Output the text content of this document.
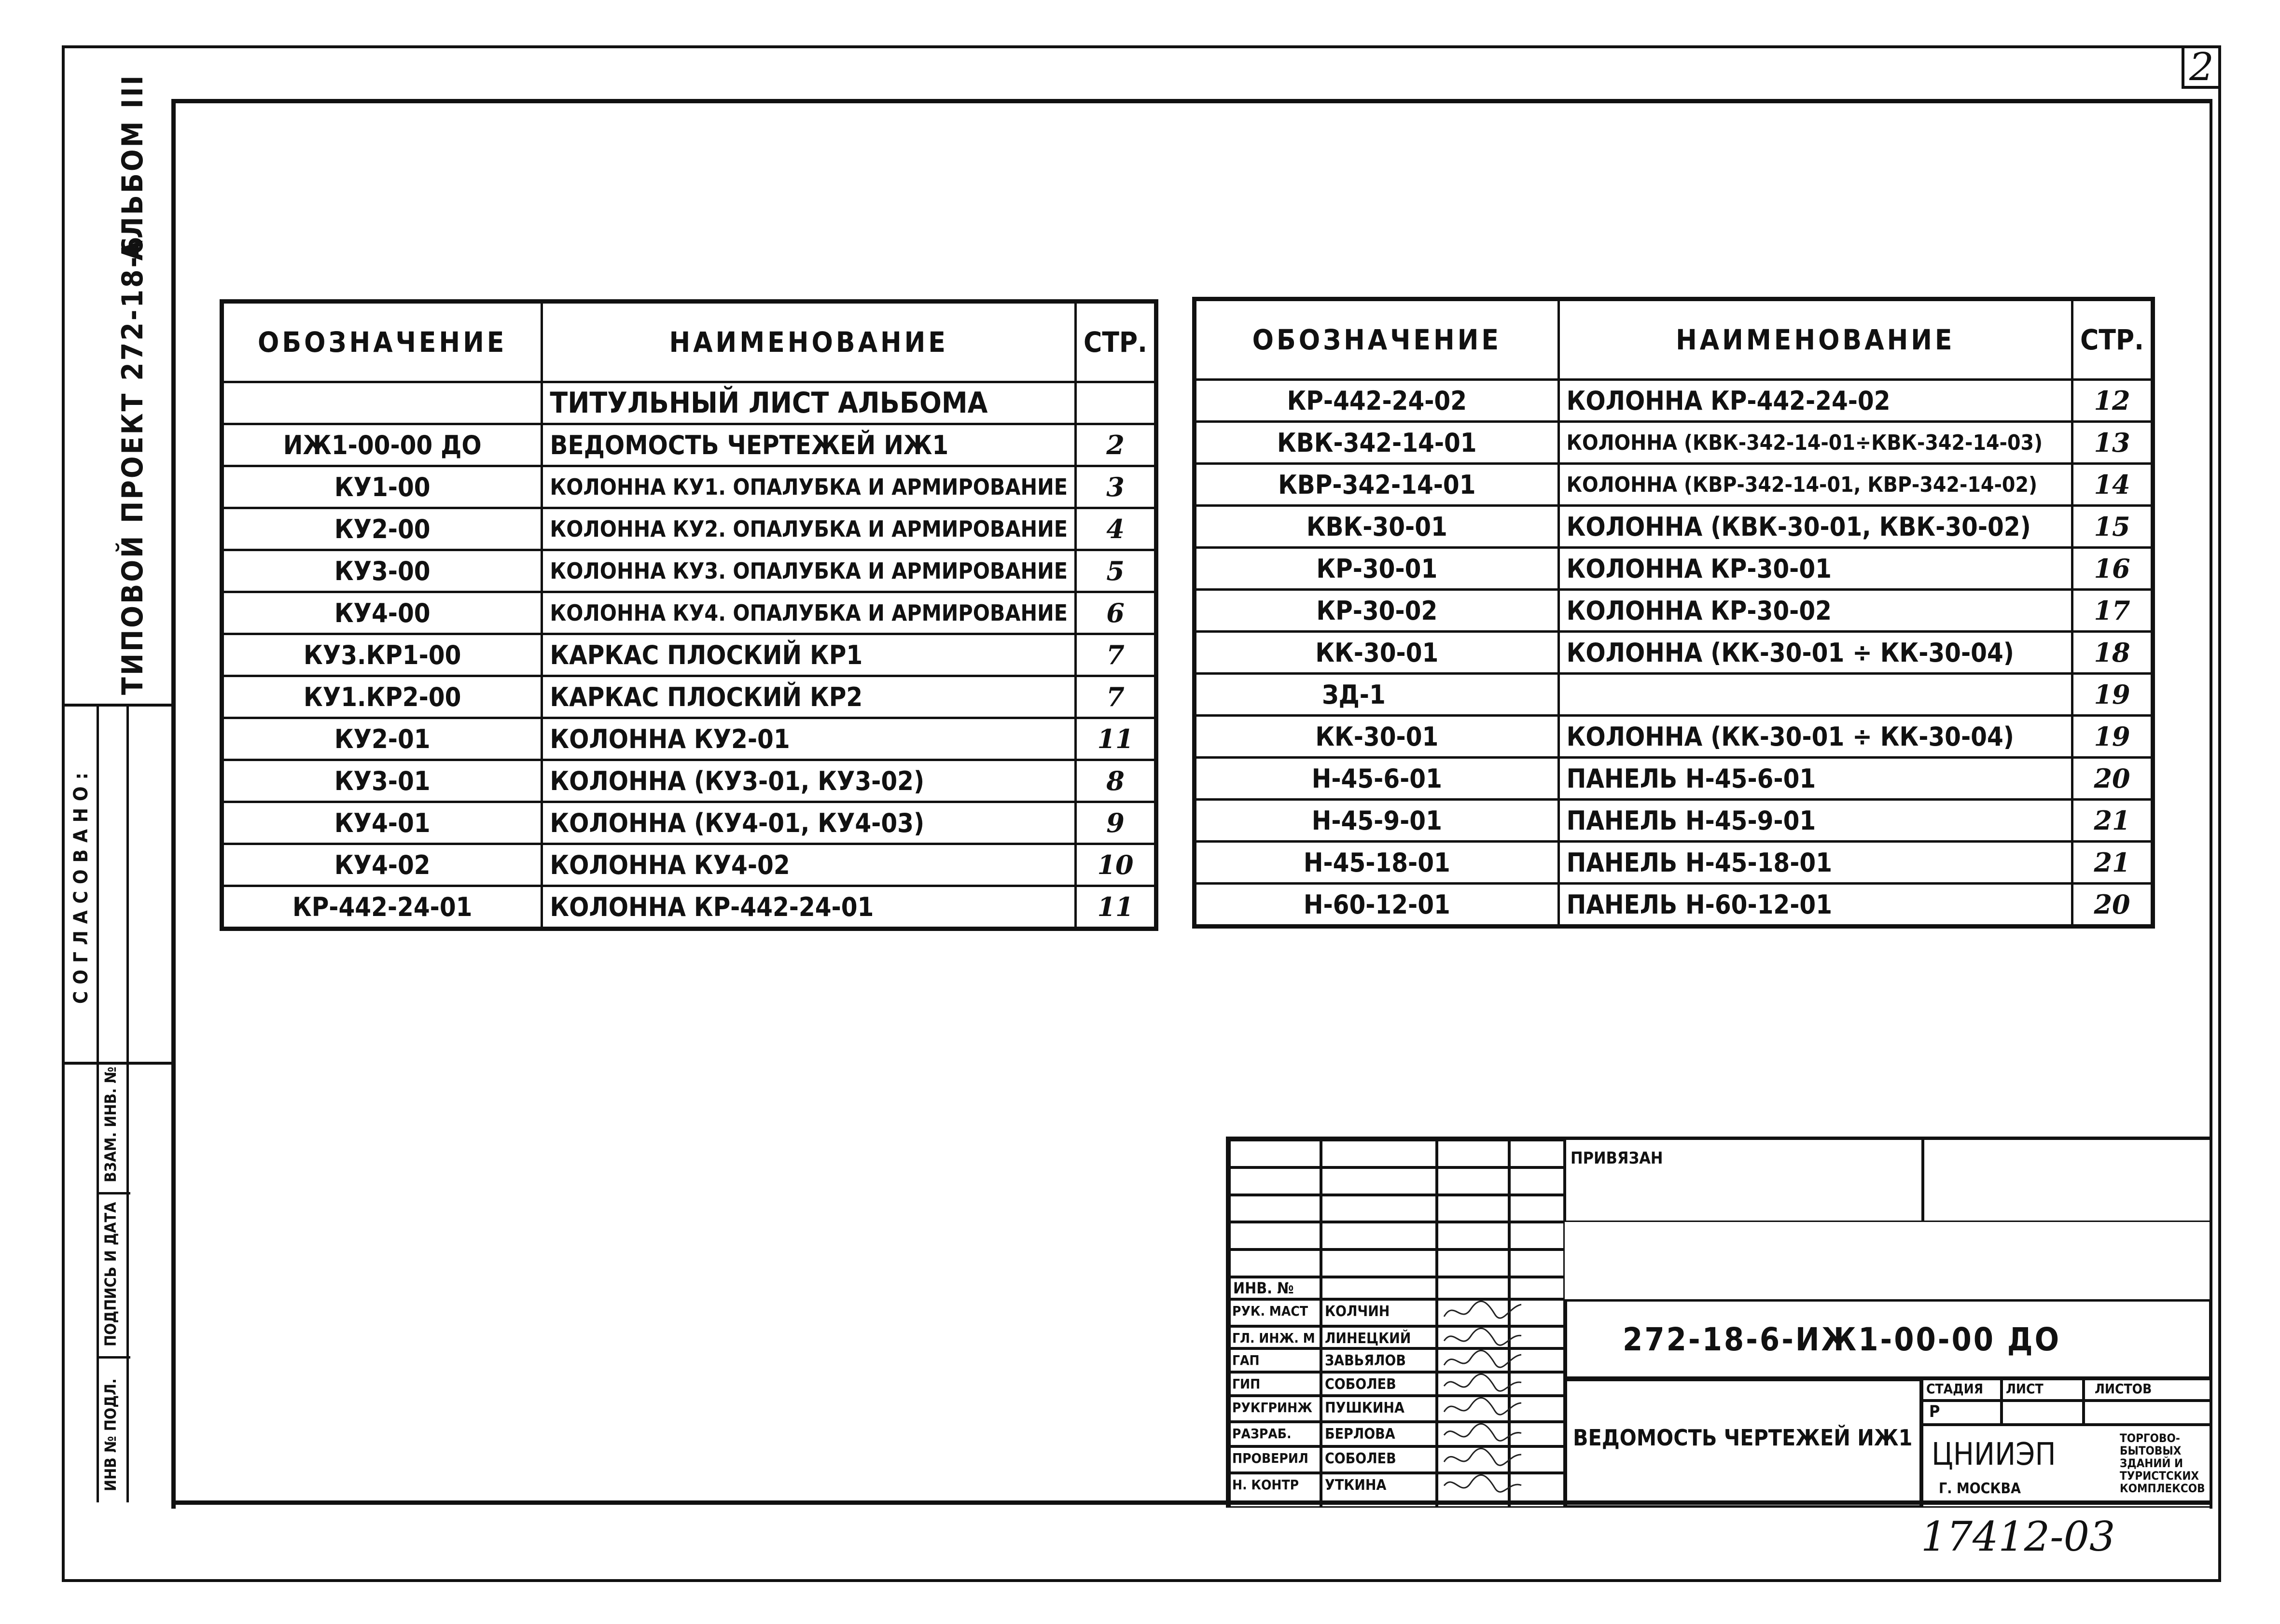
2
ТИПОВОЙ ПРОЕКТ 272-18-6
АЛЬБОМ III
СОГЛАСОВАНО:
ИНВ № ПОДЛ.
ПОДПИСЬ И ДАТА
ВЗАМ. ИНВ. №
ОБОЗНАЧЕНИЕ	НАИМЕНОВАНИЕ	СТР.
	ТИТУЛЬНЫЙ ЛИСТ АЛЬБОМА	
ИЖ1-00-00 ДО	ВЕДОМОСТЬ ЧЕРТЕЖЕЙ ИЖ1	2
КУ1-00	КОЛОННА КУ1. ОПАЛУБКА И АРМИРОВАНИЕ	3
КУ2-00	КОЛОННА КУ2. ОПАЛУБКА И АРМИРОВАНИЕ	4
КУ3-00	КОЛОННА КУ3. ОПАЛУБКА И АРМИРОВАНИЕ	5
КУ4-00	КОЛОННА КУ4. ОПАЛУБКА И АРМИРОВАНИЕ	6
КУ3.КР1-00	КАРКАС ПЛОСКИЙ КР1	7
КУ1.КР2-00	КАРКАС ПЛОСКИЙ КР2	7
КУ2-01	КОЛОННА КУ2-01	11
КУ3-01	КОЛОННА (КУ3-01, КУ3-02)	8
КУ4-01	КОЛОННА (КУ4-01, КУ4-03)	9
КУ4-02	КОЛОННА КУ4-02	10
КР-442-24-01	КОЛОННА КР-442-24-01	11
ОБОЗНАЧЕНИЕ	НАИМЕНОВАНИЕ	СТР.
КР-442-24-02	КОЛОННА КР-442-24-02	12
КВК-342-14-01	КОЛОННА (КВК-342-14-01÷КВК-342-14-03)	13
КВР-342-14-01	КОЛОННА (КВР-342-14-01, КВР-342-14-02)	14
КВК-30-01	КОЛОННА (КВК-30-01, КВК-30-02)	15
КР-30-01	КОЛОННА КР-30-01	16
КР-30-02	КОЛОННА КР-30-02	17
КК-30-01	КОЛОННА (КК-30-01 ÷ КК-30-04)	18
ЗД-1		19
КК-30-01	КОЛОННА (КК-30-01 ÷ КК-30-04)	19
Н-45-6-01	ПАНЕЛЬ Н-45-6-01	20
Н-45-9-01	ПАНЕЛЬ Н-45-9-01	21
Н-45-18-01	ПАНЕЛЬ Н-45-18-01	21
Н-60-12-01	ПАНЕЛЬ Н-60-12-01	20
ИНВ. №
РУК. МАСТ КОЛЧИН
ГЛ. ИНЖ. М ЛИНЕЦКИЙ
ГАП	ЗАВЬЯЛОВ
ГИП	СОБОЛЕВ
РУКГРИНЖ ПУШКИНА
РАЗРАБ. БЕРЛОВА
ПРОВЕРИЛ СОБОЛЕВ
Н. КОНТР УТКИНА
ПРИВЯЗАН
272-18-6-ИЖ1-00-00 ДО
ВЕДОМОСТЬ ЧЕРТЕЖЕЙ ИЖ1
СТАДИЯ	ЛИСТ	ЛИСТОВ
Р
ЦНИИЭП
Г. МОСКВА
ТОРГОВО-БЫТОВЫХ ЗДАНИЙ И ТУРИСТСКИХ КОМПЛЕКСОВ
17412-03
